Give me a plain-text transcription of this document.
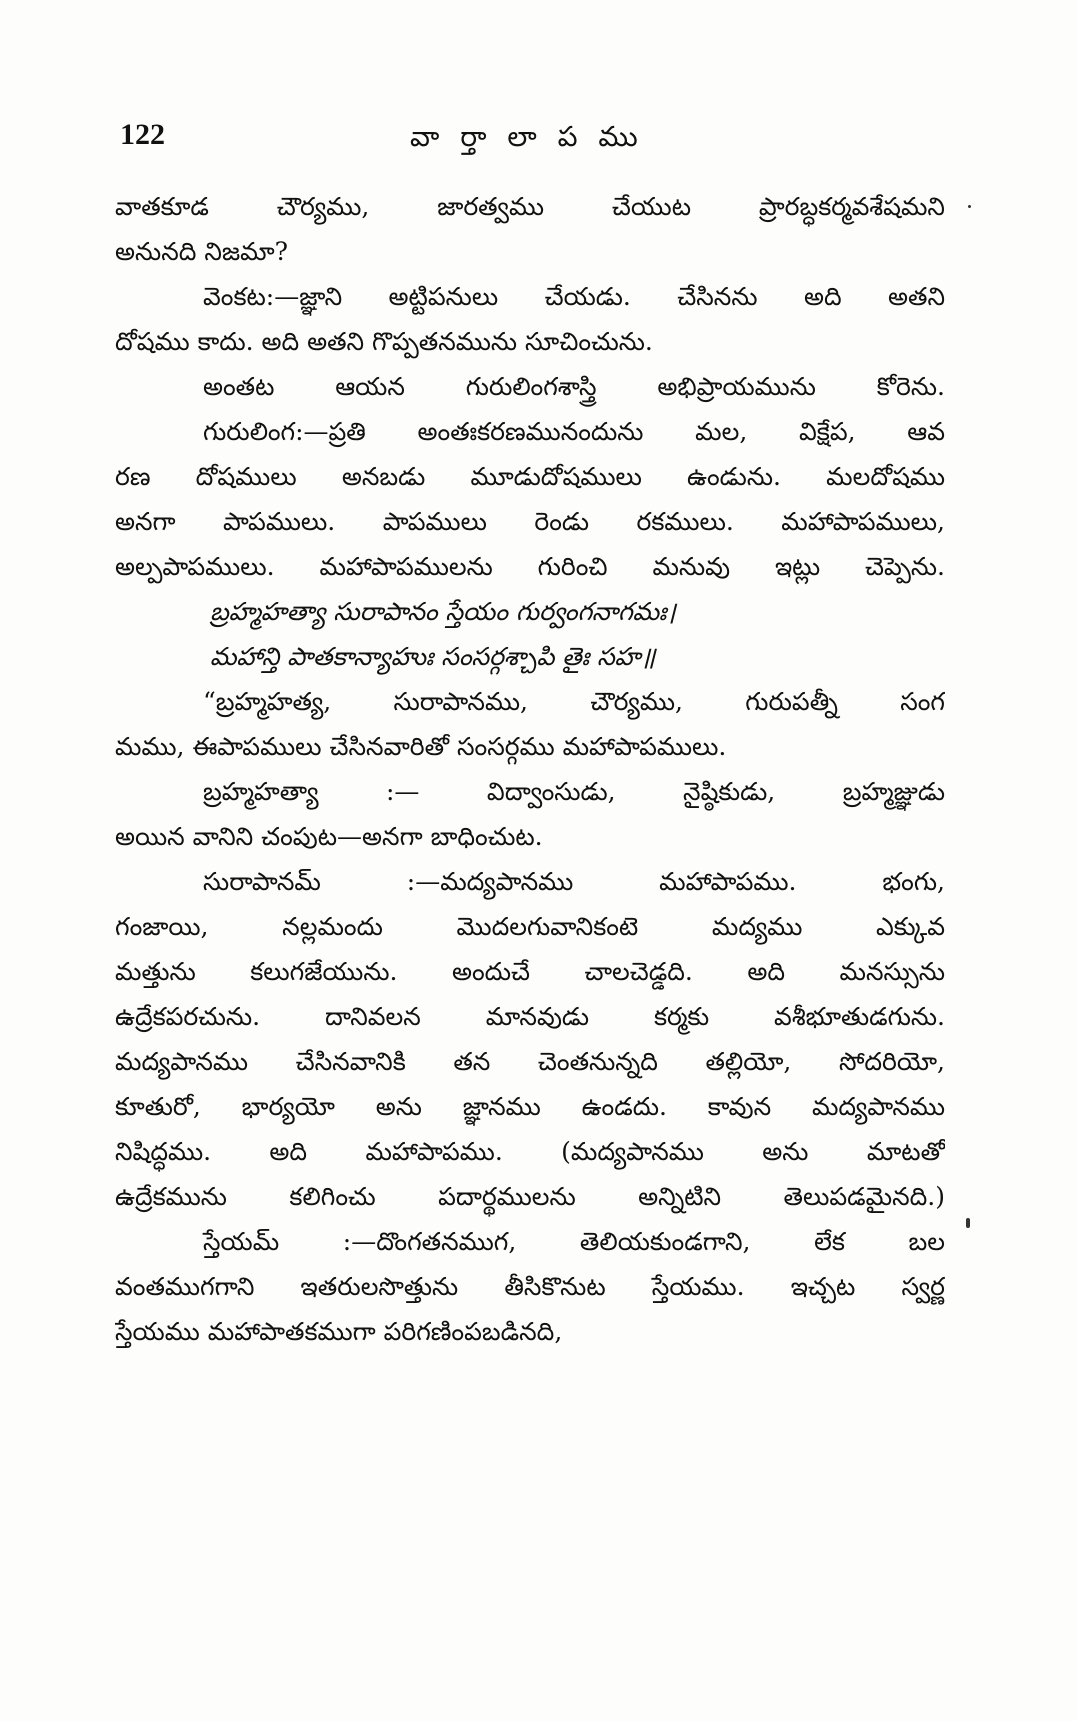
122	వా ర్తా లా ప ము
వాతకూడ చౌర్యము, జారత్వము చేయుట ప్రారబ్ధకర్మవశేషమని
అనునది నిజమా?
వెంకట:—జ్ఞాని అట్టిపనులు చేయడు. చేసినను అది అతని
దోషము కాదు. అది అతని గొప్పతనమును సూచించును.
అంతట ఆయన గురులింగశాస్త్రి అభిప్రాయమును కోరెను.
గురులింగ:—ప్రతి అంతఃకరణమునందును మల, విక్షేప, ఆవ
రణ దోషములు అనబడు మూడుదోషములు ఉండును. మలదోషము
అనగా పాపములు. పాపములు రెండు రకములు. మహాపాపములు,
అల్పపాపములు. మహాపాపములను గురించి మనువు ఇట్లు చెప్పెను.
బ్రహ్మహత్యా సురాపానం స్తేయం గుర్వంగనాగమః।
మహాన్తి పాతకాన్యాహుః సంసర్గశ్చాపి తైః సహ॥
“బ్రహ్మహత్య, సురాపానము, చౌర్యము, గురుపత్నీ సంగ
మము, ఈపాపములు చేసినవారితో సంసర్గము మహాపాపములు.
బ్రహ్మహత్యా :— విద్వాంసుడు, నైష్ఠికుడు, బ్రహ్మజ్ఞుడు
అయిన వానిని చంపుట—అనగా బాధించుట.
సురాపానమ్ :—మద్యపానము మహాపాపము. భంగు,
గంజాయి, నల్లమందు మొదలగువానికంటె మద్యము ఎక్కువ
మత్తును కలుగజేయును. అందుచే చాలచెడ్డది. అది మనస్సును
ఉద్రేకపరచును. దానివలన మానవుడు కర్మకు వశీభూతుడగును.
మద్యపానము చేసినవానికి తన చెంతనున్నది తల్లియో, సోదరియో,
కూతురో, భార్యయో అను జ్ఞానము ఉండదు. కావున మద్యపానము
నిషిద్ధము. అది మహాపాపము. (మద్యపానము అను మాటతో
ఉద్రేకమును కలిగించు పదార్థములను అన్నిటిని తెలుపడమైనది.)
స్తేయమ్ :—దొంగతనముగ, తెలియకుండగాని, లేక బల
వంతముగగాని ఇతరులసొత్తును తీసికొనుట స్తేయము. ఇచ్చట స్వర్ణ
స్తేయము మహాపాతకముగా పరిగణింపబడినది,
